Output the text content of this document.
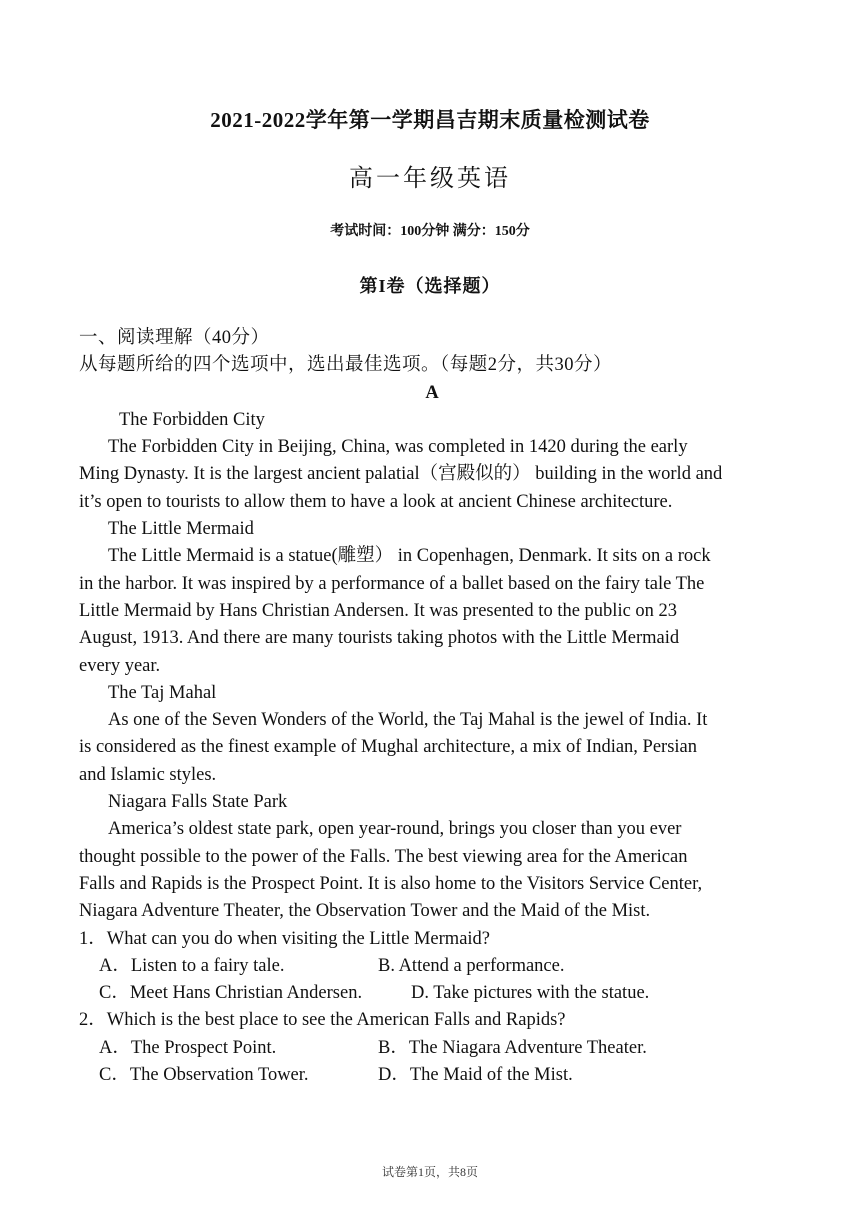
2021-2022学年第一学期昌吉期末质量检测试卷
高一年级英语
考试时间：100分钟 满分：150分
第I卷（选择题）
一、阅读理解（40分）
从每题所给的四个选项中，选出最佳选项。（每题2分，共30分）
A
The Forbidden City
The Forbidden City in Beijing, China, was completed in 1420 during the early
Ming Dynasty. It is the largest ancient palatial（宫殿似的） building in the world and
it’s open to tourists to allow them to have a look at ancient Chinese architecture.
The Little Mermaid
The Little Mermaid is a statue(雕塑） in Copenhagen, Denmark. It sits on a rock
in the harbor. It was inspired by a performance of a ballet based on the fairy tale The
Little Mermaid by Hans Christian Andersen. It was presented to the public on 23
August, 1913. And there are many tourists taking photos with the Little Mermaid
every year.
The Taj Mahal
As one of the Seven Wonders of the World, the Taj Mahal is the jewel of India. It
is considered as the finest example of Mughal architecture, a mix of Indian, Persian
and Islamic styles.
Niagara Falls State Park
America’s oldest state park, open year-round, brings you closer than you ever
thought possible to the power of the Falls. The best viewing area for the American
Falls and Rapids is the Prospect Point. It is also home to the Visitors Service Center,
Niagara Adventure Theater, the Observation Tower and the Maid of the Mist.
1．What can you do when visiting the Little Mermaid?
A．Listen to a fairy tale.	B. Attend a performance.
C．Meet Hans Christian Andersen.	D. Take pictures with the statue.
2．Which is the best place to see the American Falls and Rapids?
A．The Prospect Point.	B．The Niagara Adventure Theater.
C．The Observation Tower.	D．The Maid of the Mist.
试卷第1页，共8页
